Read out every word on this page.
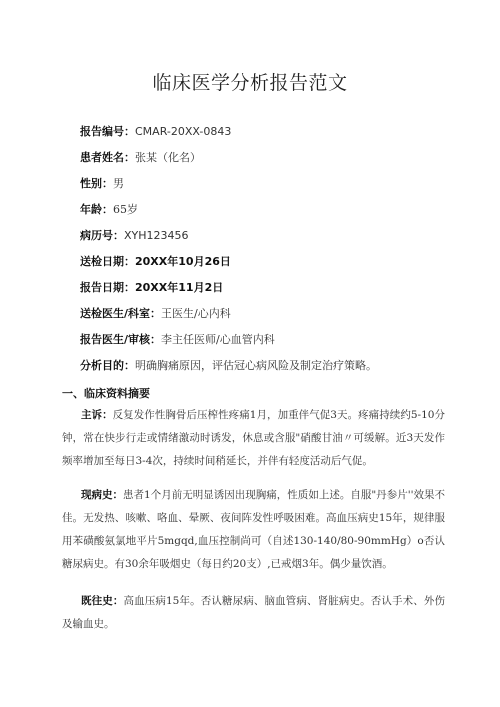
临床医学分析报告范文
报告编号：CMAR-20XX-0843
患者姓名：张某（化名）
性别：男
年龄：65岁
病历号：XYH123456
送检日期：20XX年10月26日
报告日期：20XX年11月2日
送检医生/科室：王医生/心内科
报告医生/审核：李主任医师/心血管内科
分析目的：明确胸痛原因，评估冠心病风险及制定治疗策略。
一、临床资料摘要
主诉：反复发作性胸骨后压榨性疼痛1月，加重伴气促3天。疼痛持续约5-10分钟，常在快步行走或情绪激动时诱发，休息或含服"硝酸甘油〃可缓解。近3天发作频率增加至每日3-4次，持续时间稍延长，并伴有轻度活动后气促。
现病史：患者1个月前无明显诱因出现胸痛，性质如上述。自服"丹参片''效果不佳。无发热、咳嗽、咯血、晕厥、夜间阵发性呼吸困难。高血压病史15年，规律服用苯磺酸氨氯地平片5mgqd,血压控制尚可（自述130-140/80-90mmHg）o否认糖尿病史。有30余年吸烟史（每日约20支）,已戒烟3年。偶少量饮酒。
既往史：高血压病15年。否认糖尿病、脑血管病、肾脏病史。否认手术、外伤及输血史。
